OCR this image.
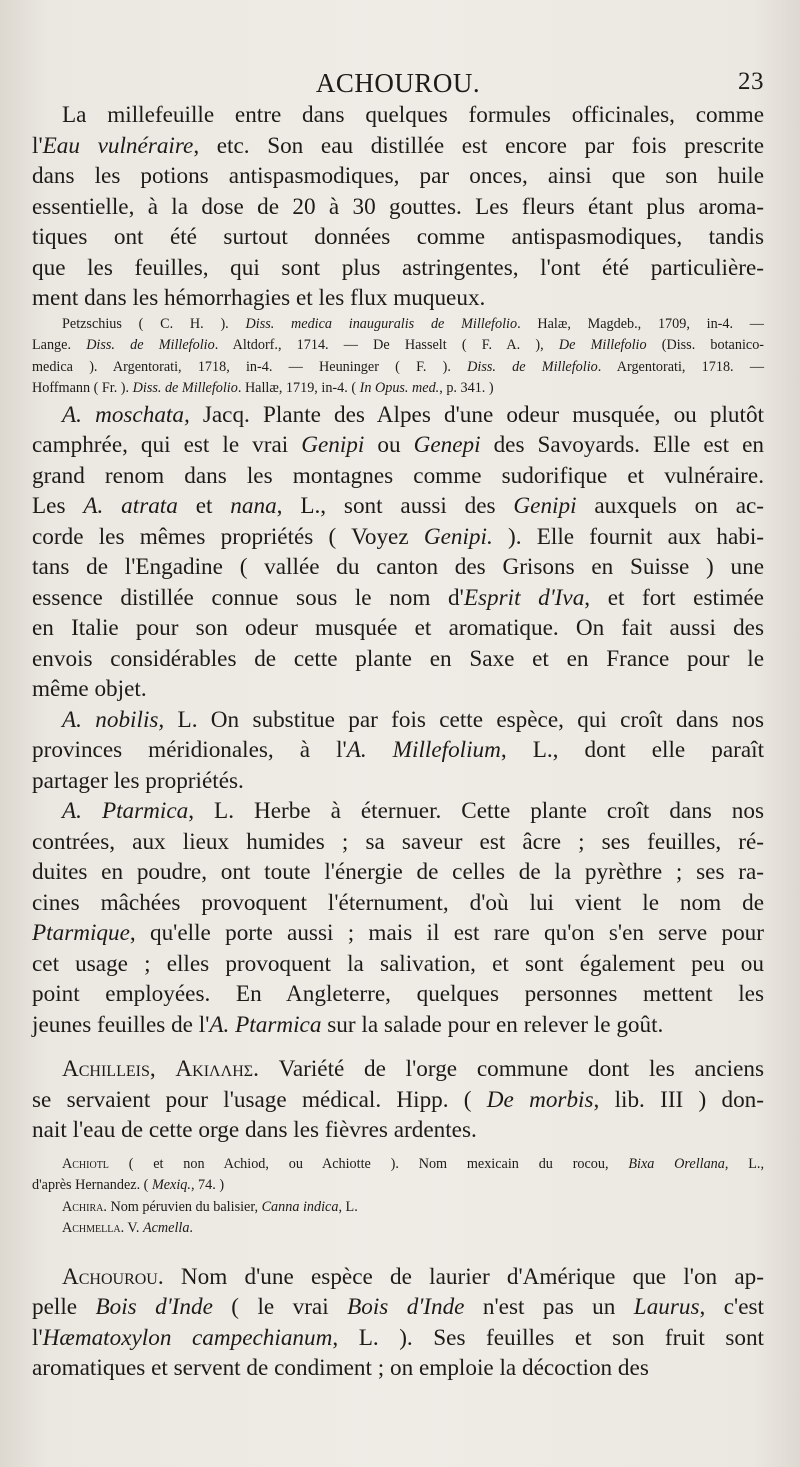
ACHOUROU.	23
La millefeuille entre dans quelques formules officinales, comme
l'Eau vulnéraire, etc. Son eau distillée est encore par fois prescrite
dans les potions antispasmodiques, par onces, ainsi que son huile
essentielle, à la dose de 20 à 30 gouttes. Les fleurs étant plus aroma-
tiques ont été surtout données comme antispasmodiques, tandis
que les feuilles, qui sont plus astringentes, l'ont été particulière-
ment dans les hémorrhagies et les flux muqueux.
Petzschius ( C. H. ). Diss. medica inauguralis de Millefolio. Halæ, Magdeb., 1709, in-4. —
Lange. Diss. de Millefolio. Altdorf., 1714. — De Hasselt ( F. A. ), De Millefolio (Diss. botanico-
medica ). Argentorati, 1718, in-4. — Heuninger ( F. ). Diss. de Millefolio. Argentorati, 1718. —
Hoffmann ( Fr. ). Diss. de Millefolio. Hallæ, 1719, in-4. ( In Opus. med., p. 341. )
A. moschata, Jacq. Plante des Alpes d'une odeur musquée, ou plutôt
camphrée, qui est le vrai Genipi ou Genepi des Savoyards. Elle est en
grand renom dans les montagnes comme sudorifique et vulnéraire.
Les A. atrata et nana, L., sont aussi des Genipi auxquels on ac-
corde les mêmes propriétés ( Voyez Genipi. ). Elle fournit aux habi-
tans de l'Engadine ( vallée du canton des Grisons en Suisse ) une
essence distillée connue sous le nom d'Esprit d'Iva, et fort estimée
en Italie pour son odeur musquée et aromatique. On fait aussi des
envois considérables de cette plante en Saxe et en France pour le
même objet.
A. nobilis, L. On substitue par fois cette espèce, qui croît dans nos
provinces méridionales, à l'A. Millefolium, L., dont elle paraît
partager les propriétés.
A. Ptarmica, L. Herbe à éternuer. Cette plante croît dans nos
contrées, aux lieux humides ; sa saveur est âcre ; ses feuilles, ré-
duites en poudre, ont toute l'énergie de celles de la pyrèthre ; ses ra-
cines mâchées provoquent l'éternument, d'où lui vient le nom de
Ptarmique, qu'elle porte aussi ; mais il est rare qu'on s'en serve pour
cet usage ; elles provoquent la salivation, et sont également peu ou
point employées. En Angleterre, quelques personnes mettent les
jeunes feuilles de l'A. Ptarmica sur la salade pour en relever le goût.
Achilleis, Ακιλλης. Variété de l'orge commune dont les anciens
se servaient pour l'usage médical. Hipp. ( De morbis, lib. III ) don-
nait l'eau de cette orge dans les fièvres ardentes.
Achiotl ( et non Achiod, ou Achiotte ). Nom mexicain du rocou, Bixa Orellana, L.,
d'après Hernandez. ( Mexiq., 74. )
Achira. Nom péruvien du balisier, Canna indica, L.
Achmella. V. Acmella.
Achourou. Nom d'une espèce de laurier d'Amérique que l'on ap-
pelle Bois d'Inde ( le vrai Bois d'Inde n'est pas un Laurus, c'est
l'Hæmatoxylon campechianum, L. ). Ses feuilles et son fruit sont
aromatiques et servent de condiment ; on emploie la décoction des
